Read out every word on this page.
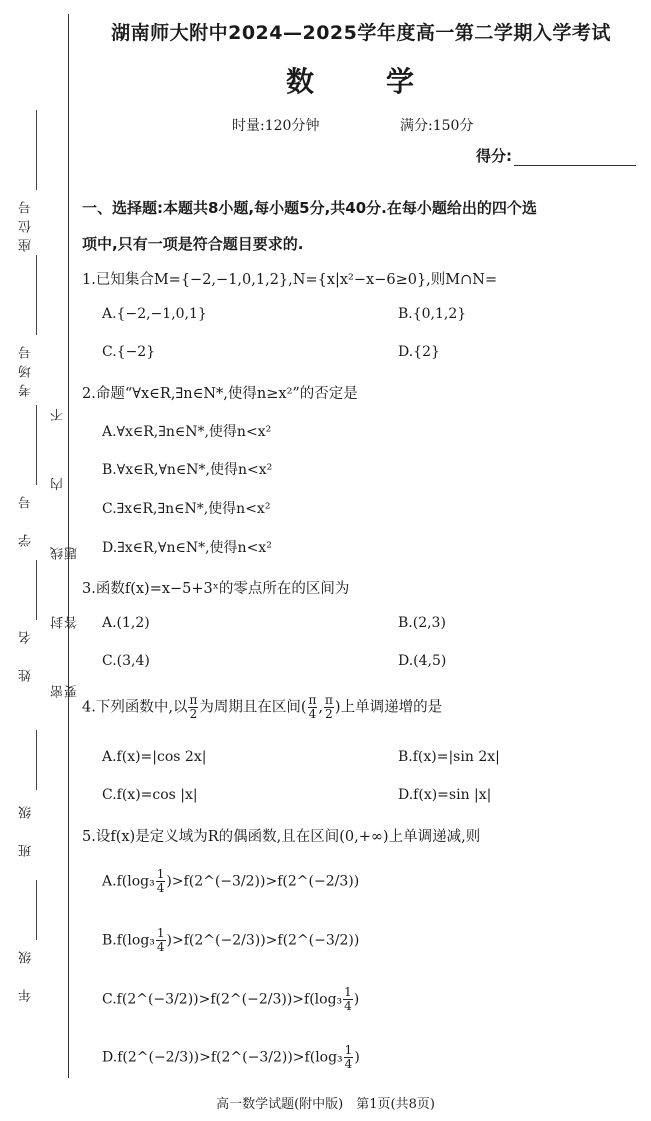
座位号
考场号
学　号
姓　名
班　级
年　级
密 封 线 内 不 要 答 题
湖南师大附中2024—2025学年度高一第二学期入学考试
数　学
时量:120分钟	满分:150分
得分:
一、选择题:本题共8小题,每小题5分,共40分.在每小题给出的四个选
项中,只有一项是符合题目要求的.
1.已知集合M={−2,−1,0,1,2},N={x|x²−x−6≥0},则M∩N=
A.{−2,−1,0,1}	B.{0,1,2}
C.{−2}	D.{2}
2.命题“∀x∈R,∃n∈N*,使得n≥x²”的否定是
A.∀x∈R,∃n∈N*,使得n<x²
B.∀x∈R,∀n∈N*,使得n<x²
C.∃x∈R,∃n∈N*,使得n<x²
D.∃x∈R,∀n∈N*,使得n<x²
3.函数f(x)=x−5+3ˣ的零点所在的区间为
A.(1,2)	B.(2,3)
C.(3,4)	D.(4,5)
4.下列函数中,以 $\frac{\pi}{2}$ 为周期且在区间( $\frac{\pi}{4}$ , $\frac{\pi}{2}$ )上单调递增的是
A.f(x)=|cos 2x|	B.f(x)=|sin 2x|
C.f(x)=cos |x|	D.f(x)=sin |x|
5.设f(x)是定义域为R的偶函数,且在区间(0,+∞)上单调递减,则
$A.f(\log_3 \frac{1}{4}$ )>f(2^(−3/2))>f(2^(−2/3))
$B.f(\log_3 \frac{1}{4}$ )>f(2^(−2/3))>f(2^(−3/2))
C.f(2^(−3/2))>f(2^(−2/3))>f(log₃ $\frac{1}{4}$ )
D.f(2^(−2/3))>f(2^(−3/2))>f(log₃ $\frac{1}{4}$ )
高一数学试题(附中版)　第1页(共8页)
